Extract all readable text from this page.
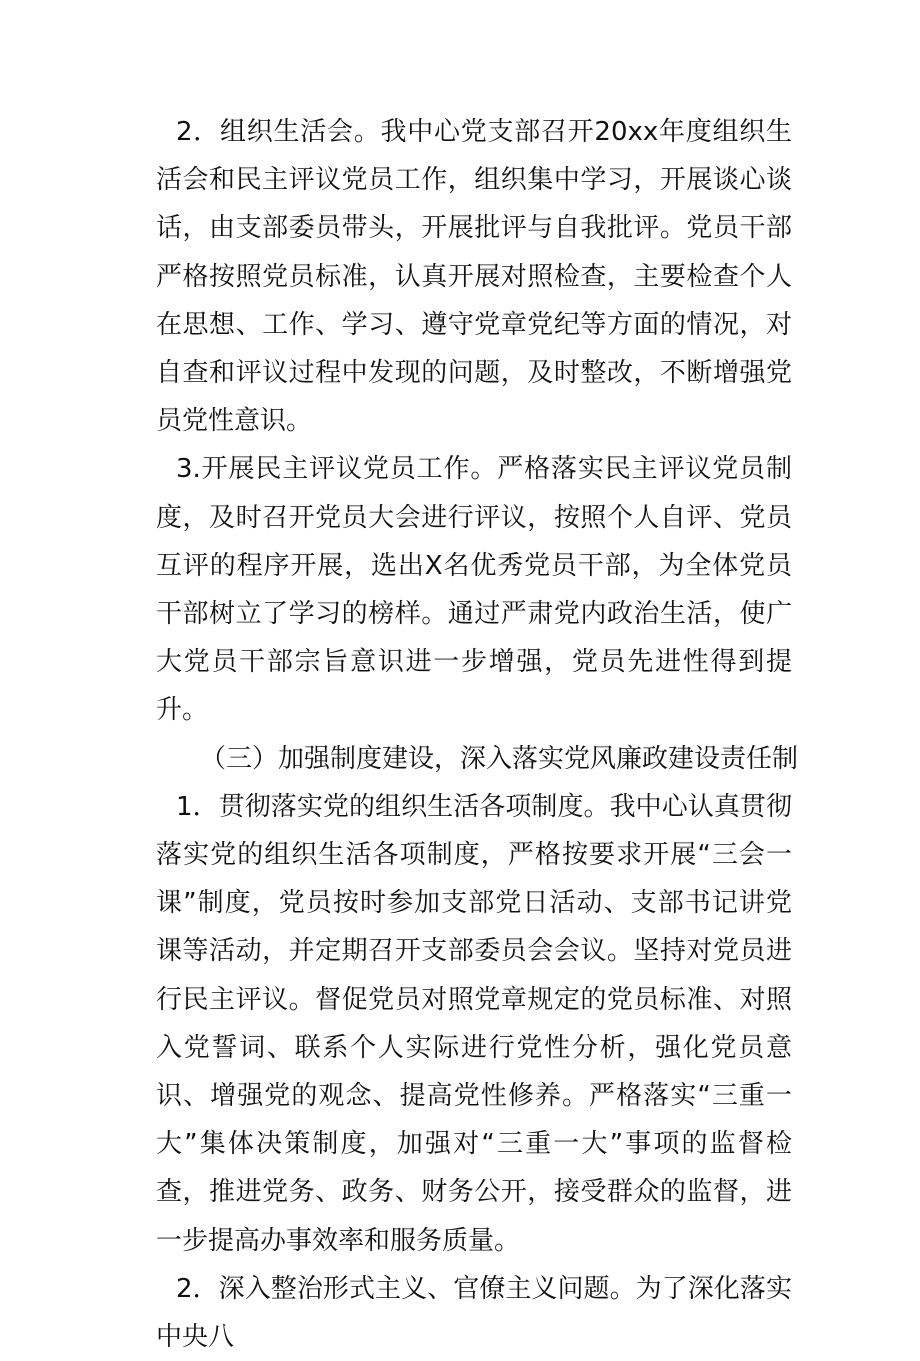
2．组织生活会。我中心党支部召开20xx年度组织生活会和民主评议党员工作，组织集中学习，开展谈心谈话，由支部委员带头，开展批评与自我批评。党员干部严格按照党员标准，认真开展对照检查，主要检查个人在思想、工作、学习、遵守党章党纪等方面的情况，对自查和评议过程中发现的问题，及时整改，不断增强党员党性意识。

3.开展民主评议党员工作。严格落实民主评议党员制度，及时召开党员大会进行评议，按照个人自评、党员互评的程序开展，选出X名优秀党员干部，为全体党员干部树立了学习的榜样。通过严肃党内政治生活，使广大党员干部宗旨意识进一步增强，党员先进性得到提升。

（三）加强制度建设，深入落实党风廉政建设责任制

1．贯彻落实党的组织生活各项制度。我中心认真贯彻落实党的组织生活各项制度，严格按要求开展“三会一课”制度，党员按时参加支部党日活动、支部书记讲党课等活动，并定期召开支部委员会会议。坚持对党员进行民主评议。督促党员对照党章规定的党员标准、对照入党誓词、联系个人实际进行党性分析，强化党员意识、增强党的观念、提高党性修养。严格落实“三重一大”集体决策制度，加强对“三重一大”事项的监督检查，推进党务、政务、财务公开，接受群众的监督，进一步提高办事效率和服务质量。

2．深入整治形式主义、官僚主义问题。为了深化落实中央八
